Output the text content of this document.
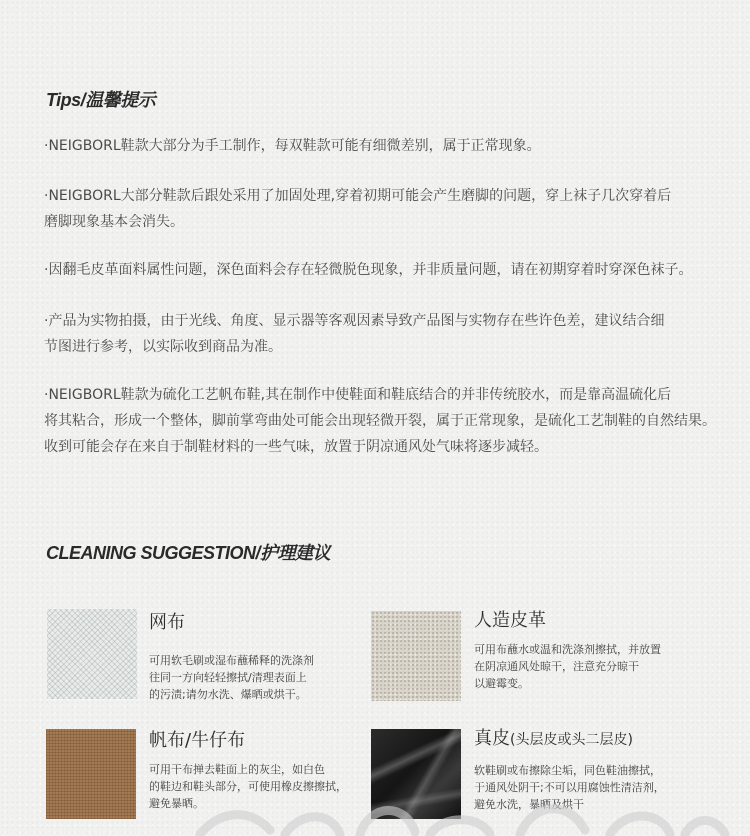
Tips/温馨提示

·NEIGBORL鞋款大部分为手工制作，每双鞋款可能有细微差别，属于正常现象。

·NEIGBORL大部分鞋款后跟处采用了加固处理,穿着初期可能会产生磨脚的问题，穿上袜子几次穿着后
磨脚现象基本会消失。

·因翻毛皮革面料属性问题，深色面料会存在轻微脱色现象，并非质量问题，请在初期穿着时穿深色袜子。

·产品为实物拍摄，由于光线、角度、显示器等客观因素导致产品图与实物存在些许色差，建议结合细
节图进行参考，以实际收到商品为准。

·NEIGBORL鞋款为硫化工艺帆布鞋,其在制作中使鞋面和鞋底结合的并非传统胶水，而是靠高温硫化后
将其粘合，形成一个整体，脚前掌弯曲处可能会出现轻微开裂，属于正常现象，是硫化工艺制鞋的自然结果。
收到可能会存在来自于制鞋材料的一些气味，放置于阴凉通风处气味将逐步减轻。

CLEANING SUGGESTION/护理建议

网布

可用软毛刷或湿布蘸稀释的洗涤剂
往同一方向轻轻擦拭/清理表面上
的污渍;请勿水洗、爆晒或烘干。

人造皮革

可用布蘸水或温和洗涤剂擦拭，并放置
在阴凉通风处晾干，注意充分晾干
以避霉变。

帆布/牛仔布

可用干布掸去鞋面上的灰尘，如白色
的鞋边和鞋头部分，可使用橡皮擦擦拭，
避免暴晒。

真皮(头层皮或头二层皮)

软鞋刷或布擦除尘垢，同色鞋油擦拭，
于通风处阴干;不可以用腐蚀性清洁剂，
避免水洗，暴晒及烘干
